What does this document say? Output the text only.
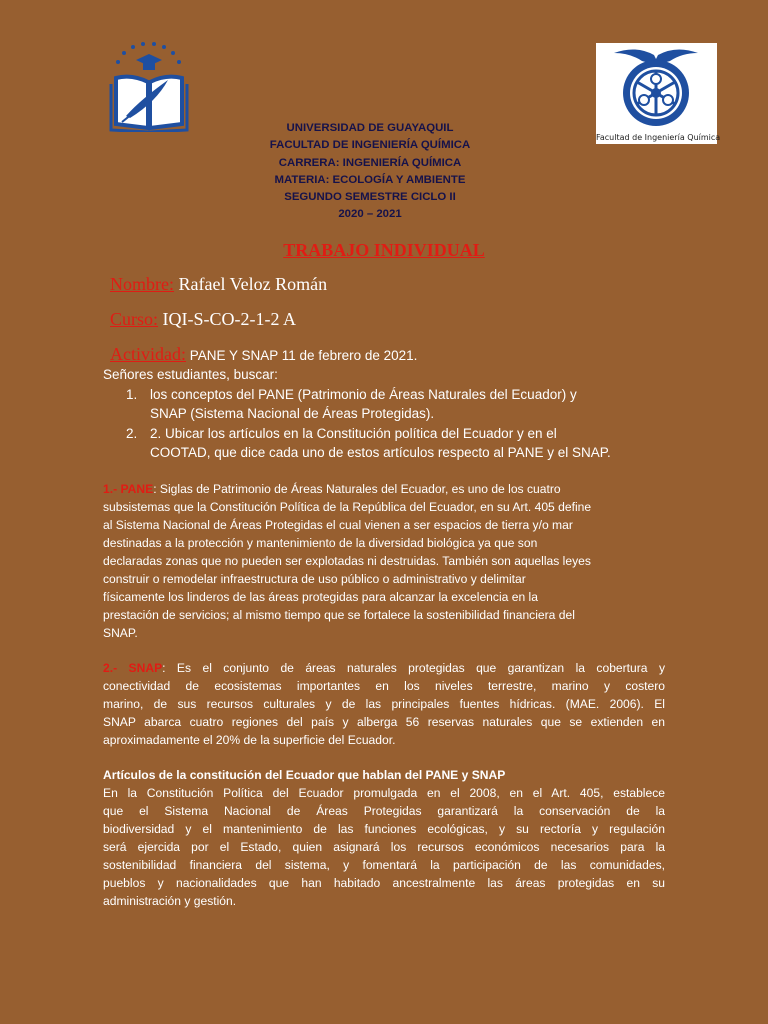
Facultad de Ingeniería Química
UNIVERSIDAD DE GUAYAQUIL
FACULTAD DE INGENIERÍA QUÍMICA
CARRERA: INGENIERÍA QUÍMICA
MATERIA: ECOLOGÍA Y AMBIENTE
SEGUNDO SEMESTRE CICLO II
2020 – 2021
TRABAJO INDIVIDUAL
Nombre: Rafael Veloz Román
Curso: IQI-S-CO-2-1-2 A
Actividad: PANE Y SNAP 11 de febrero de 2021.
Señores estudiantes, buscar:
1. los conceptos del PANE (Patrimonio de Áreas Naturales del Ecuador) y
SNAP (Sistema Nacional de Áreas Protegidas).
2. 2. Ubicar los artículos en la Constitución política del Ecuador y en el
COOTAD, que dice cada uno de estos artículos respecto al PANE y el SNAP.
1.- PANE: Siglas de Patrimonio de Áreas Naturales del Ecuador, es uno de los cuatro
subsistemas que la Constitución Política de la República del Ecuador, en su Art. 405 define
al Sistema Nacional de Áreas Protegidas el cual vienen a ser espacios de tierra y/o mar
destinadas a la protección y mantenimiento de la diversidad biológica ya que son
declaradas zonas que no pueden ser explotadas ni destruidas. También son aquellas leyes
construir o remodelar infraestructura de uso público o administrativo y delimitar
físicamente los linderos de las áreas protegidas para alcanzar la excelencia en la
prestación de servicios; al mismo tiempo que se fortalece la sostenibilidad financiera del
SNAP.
2.- SNAP: Es el conjunto de áreas naturales protegidas que garantizan la cobertura y
conectividad de ecosistemas importantes en los niveles terrestre, marino y costero
marino, de sus recursos culturales y de las principales fuentes hídricas. (MAE. 2006). El
SNAP abarca cuatro regiones del país y alberga 56 reservas naturales que se extienden en
aproximadamente el 20% de la superficie del Ecuador.
Artículos de la constitución del Ecuador que hablan del PANE y SNAP
En la Constitución Política del Ecuador promulgada en el 2008, en el Art. 405, establece
que el Sistema Nacional de Áreas Protegidas garantizará la conservación de la
biodiversidad y el mantenimiento de las funciones ecológicas, y su rectoría y regulación
será ejercida por el Estado, quien asignará los recursos económicos necesarios para la
sostenibilidad financiera del sistema, y fomentará la participación de las comunidades,
pueblos y nacionalidades que han habitado ancestralmente las áreas protegidas en su
administración y gestión.
